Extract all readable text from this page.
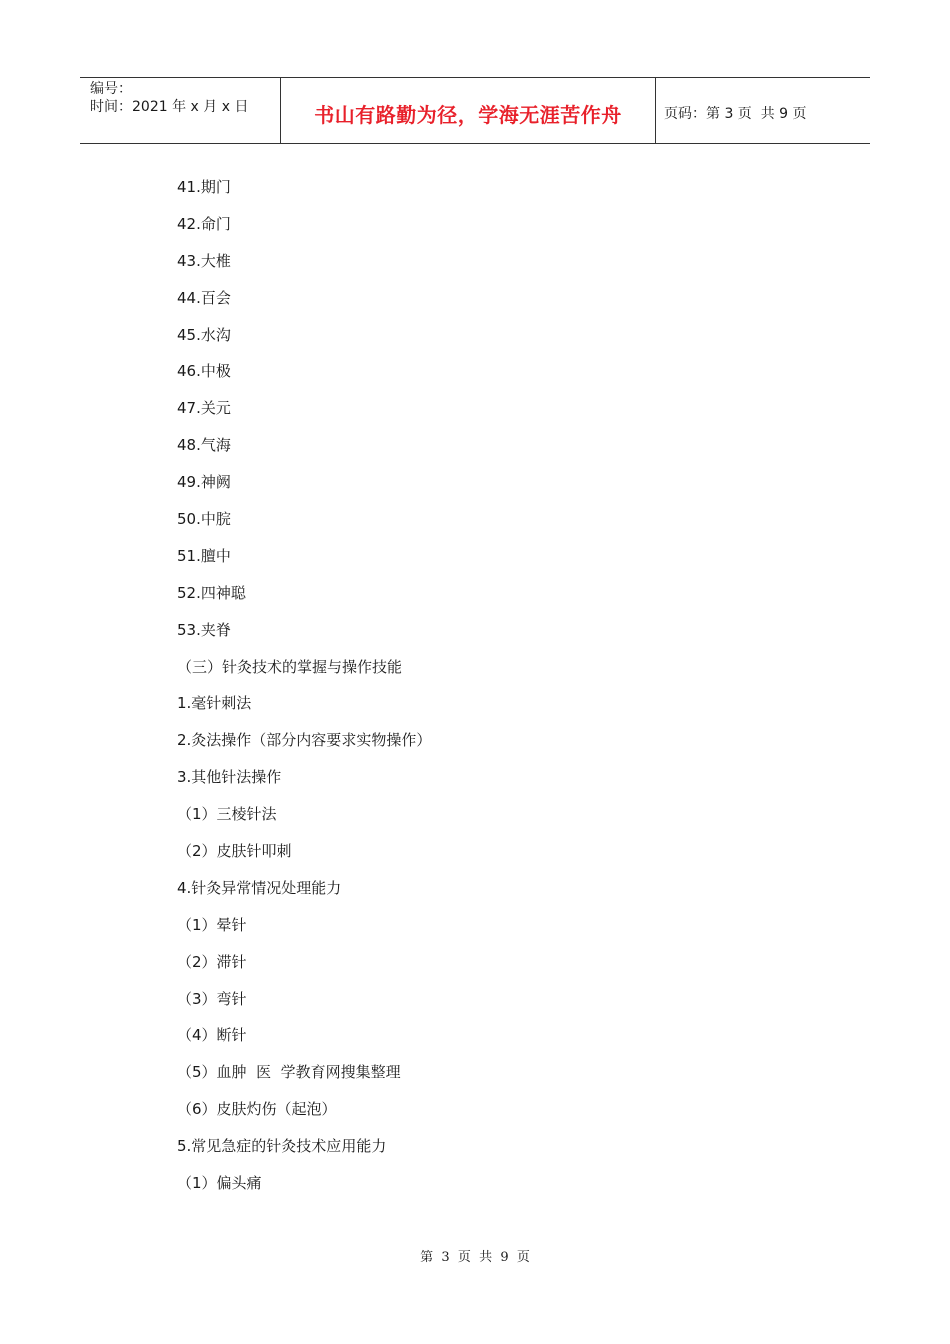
编号：
时间：2021 年 x 月 x 日	书山有路勤为径，学海无涯苦作舟	页码：第 3 页  共 9 页
41.期门
42.命门
43.大椎
44.百会
45.水沟
46.中极
47.关元
48.气海
49.神阙
50.中脘
51.膻中
52.四神聪
53.夹脊
（三）针灸技术的掌握与操作技能
1.毫针刺法
2.灸法操作（部分内容要求实物操作）
3.其他针法操作
（1）三棱针法
（2）皮肤针叩刺
4.针灸异常情况处理能力
（1）晕针
（2）滞针
（3）弯针
（4）断针
（5）血肿  医  学教育网搜集整理
（6）皮肤灼伤（起泡）
5.常见急症的针灸技术应用能力
（1）偏头痛
第  3  页  共  9  页
